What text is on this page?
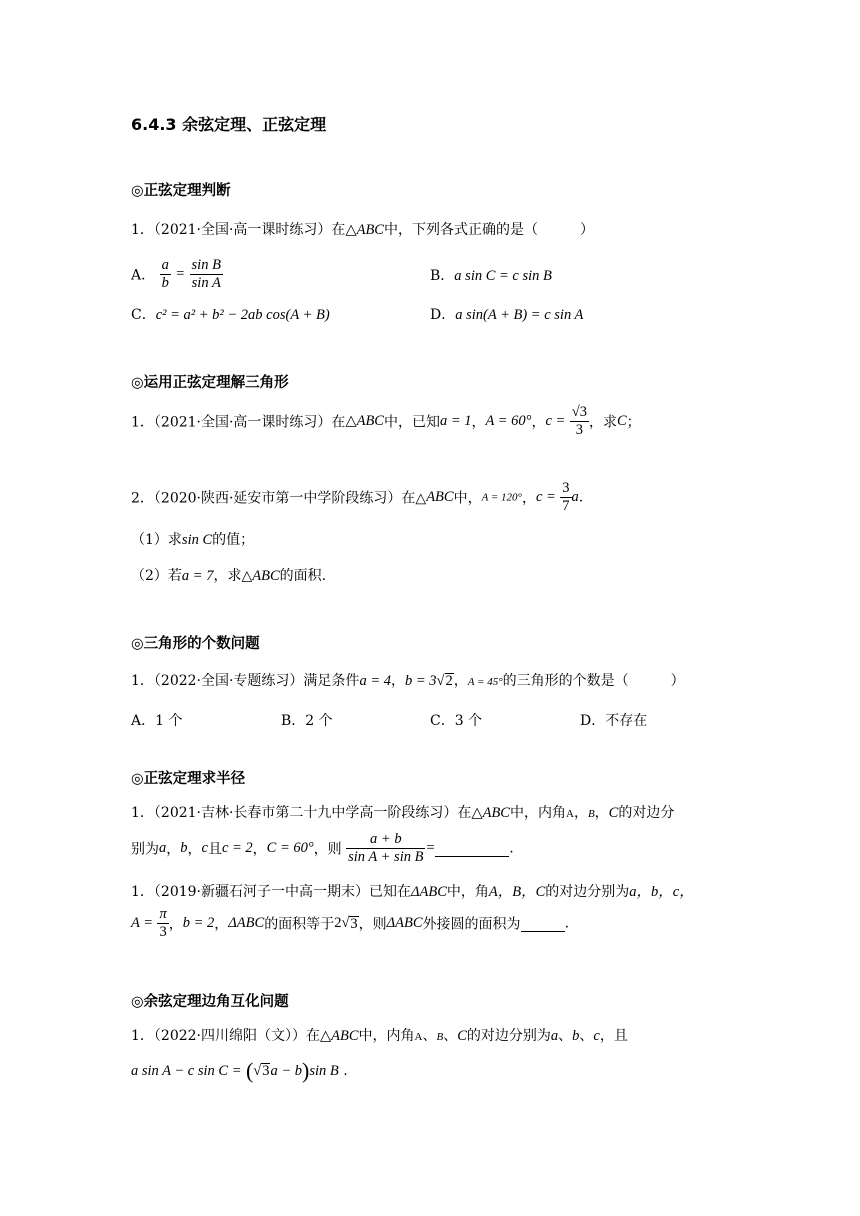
6.4.3 余弦定理、正弦定理
◎正弦定理判断
1．（2021·全国·高一课时练习）在△ABC中，下列各式正确的是（　　　）
A． $\frac{a}{b} = \frac{\text{sin B}}{\text{sin A}}$	B．a sin C = c sin B
C．c² = a² + b² − 2ab cos(A + B)	D．a sin(A + B) = c sin A
◎运用正弦定理解三角形
1．（2021·全国·高一课时练习）在△ABC中，已知a = 1，A = 60°，$c = \frac{√3}{3}$ ，求C；
2．（2020·陕西·延安市第一中学阶段练习）在△ABC中，A = 120°，$c = \frac{3}{7} a$.
（1）求sin C的值；
（2）若a = 7，求△ABC的面积.
◎三角形的个数问题
1．（2022·全国·专题练习）满足条件a = 4，b = 3√2，A = 45°的三角形的个数是（　　　）
A．1 个	B．2 个	C．3 个	D．不存在
◎正弦定理求半径
1．（2021·吉林·长春市第二十九中学高一阶段练习）在△ABC中，内角A，B，C的对边分
别为a，b，c且c = 2，C = 60°，则 $\frac{a + b}{\text{sin A + sin B}}$ =	.
1．（2019·新疆石河子一中高一期末）已知在ΔABC中，角A，B，C的对边分别为a，b，c，
$A = \frac{\pi}{3}$ ，b = 2，ΔABC的面积等于2√3，则ΔABC外接圆的面积为	.
◎余弦定理边角互化问题
1．（2022·四川绵阳（文））在△ABC中，内角A、B、C的对边分别为a、b、c，且
a sin A − c sin C = (√3a − b)sin B .
